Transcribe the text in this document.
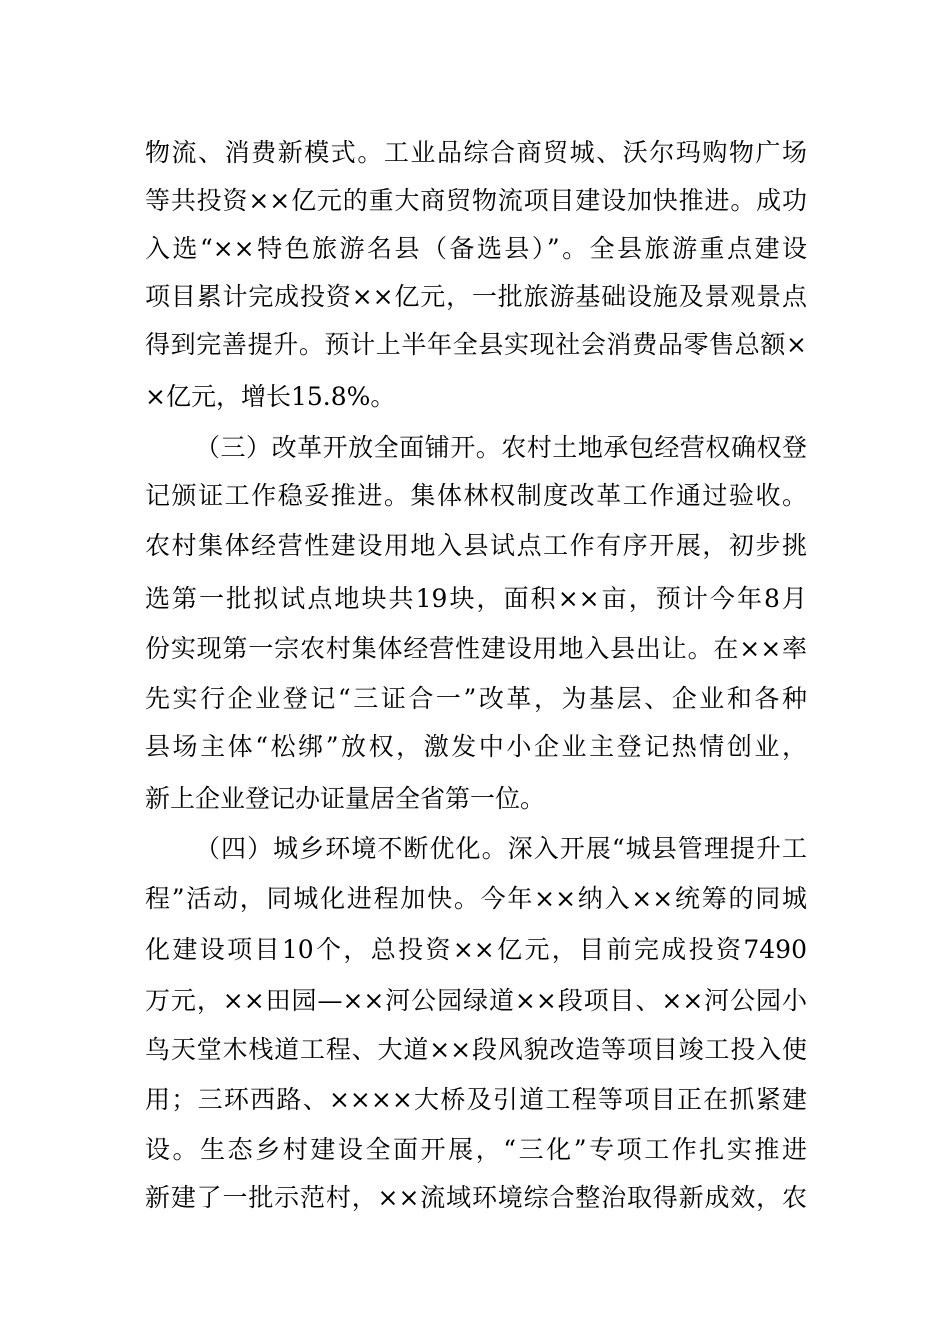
物流、消费新模式。工业品综合商贸城、沃尔玛购物广场
等共投资××亿元的重大商贸物流项目建设加快推进。成功
入选“××特色旅游名县（备选县）”。全县旅游重点建设
项目累计完成投资××亿元，一批旅游基础设施及景观景点
得到完善提升。预计上半年全县实现社会消费品零售总额×
×亿元，增长15.8%。
（三）改革开放全面铺开。农村土地承包经营权确权登
记颁证工作稳妥推进。集体林权制度改革工作通过验收。
农村集体经营性建设用地入县试点工作有序开展，初步挑
选第一批拟试点地块共19块，面积××亩，预计今年8月
份实现第一宗农村集体经营性建设用地入县出让。在××率
先实行企业登记“三证合一”改革，为基层、企业和各种
县场主体“松绑”放权，激发中小企业主登记热情创业，
新上企业登记办证量居全省第一位。
（四）城乡环境不断优化。深入开展“城县管理提升工
程”活动，同城化进程加快。今年××纳入××统筹的同城
化建设项目10个，总投资××亿元，目前完成投资7490
万元，××田园—××河公园绿道××段项目、××河公园小
鸟天堂木栈道工程、大道××段风貌改造等项目竣工投入使
用；三环西路、××××大桥及引道工程等项目正在抓紧建
设。生态乡村建设全面开展，“三化”专项工作扎实推进
新建了一批示范村，××流域环境综合整治取得新成效，农
